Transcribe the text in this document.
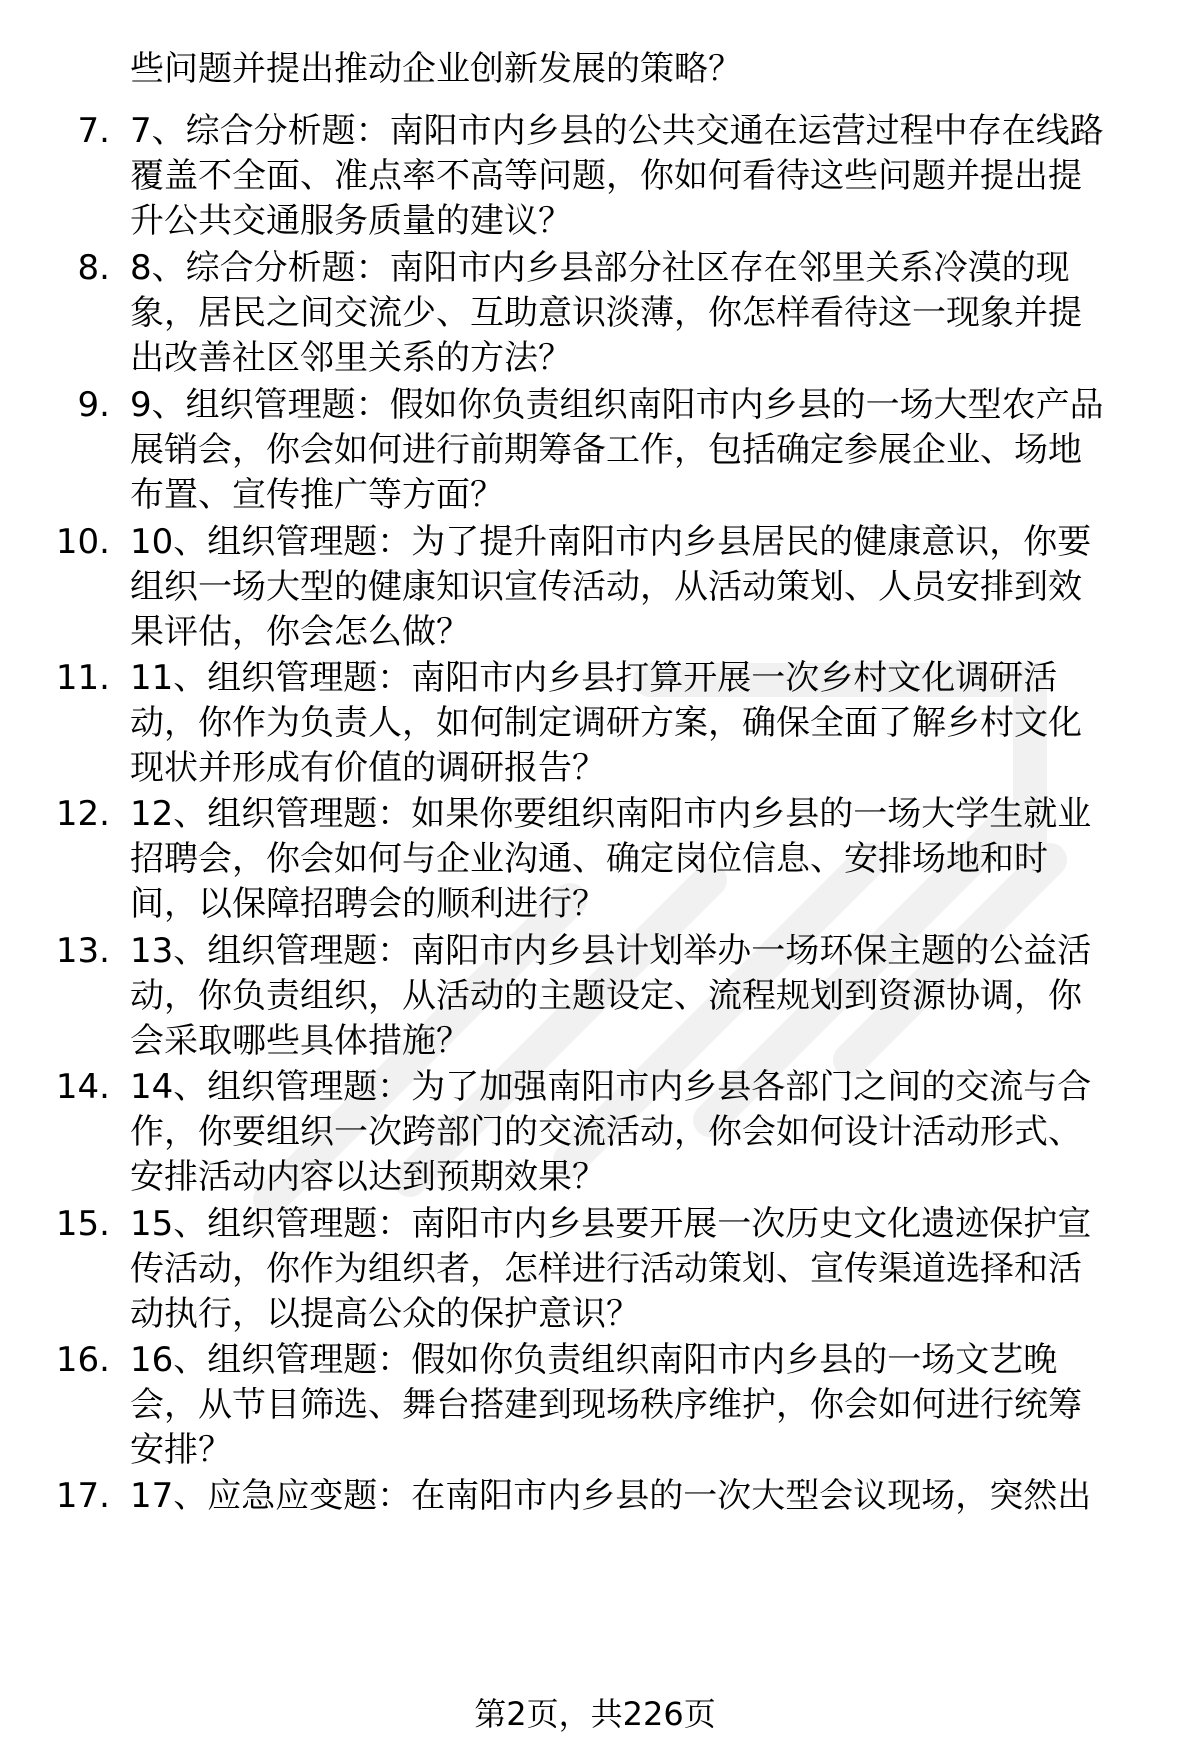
些问题并提出推动企业创新发展的策略？
7. 7、综合分析题：南阳市内乡县的公共交通在运营过程中存在线路
覆盖不全面、准点率不高等问题，你如何看待这些问题并提出提
升公共交通服务质量的建议？
8. 8、综合分析题：南阳市内乡县部分社区存在邻里关系冷漠的现
象，居民之间交流少、互助意识淡薄，你怎样看待这一现象并提
出改善社区邻里关系的方法？
9. 9、组织管理题：假如你负责组织南阳市内乡县的一场大型农产品
展销会，你会如何进行前期筹备工作，包括确定参展企业、场地
布置、宣传推广等方面？
10. 10、组织管理题：为了提升南阳市内乡县居民的健康意识，你要
组织一场大型的健康知识宣传活动，从活动策划、人员安排到效
果评估，你会怎么做？
11. 11、组织管理题：南阳市内乡县打算开展一次乡村文化调研活
动，你作为负责人，如何制定调研方案，确保全面了解乡村文化
现状并形成有价值的调研报告？
12. 12、组织管理题：如果你要组织南阳市内乡县的一场大学生就业
招聘会，你会如何与企业沟通、确定岗位信息、安排场地和时
间，以保障招聘会的顺利进行？
13. 13、组织管理题：南阳市内乡县计划举办一场环保主题的公益活
动，你负责组织，从活动的主题设定、流程规划到资源协调，你
会采取哪些具体措施？
14. 14、组织管理题：为了加强南阳市内乡县各部门之间的交流与合
作，你要组织一次跨部门的交流活动，你会如何设计活动形式、
安排活动内容以达到预期效果？
15. 15、组织管理题：南阳市内乡县要开展一次历史文化遗迹保护宣
传活动，你作为组织者，怎样进行活动策划、宣传渠道选择和活
动执行，以提高公众的保护意识？
16. 16、组织管理题：假如你负责组织南阳市内乡县的一场文艺晚
会，从节目筛选、舞台搭建到现场秩序维护，你会如何进行统筹
安排？
17. 17、应急应变题：在南阳市内乡县的一次大型会议现场，突然出
第2页，共226页
